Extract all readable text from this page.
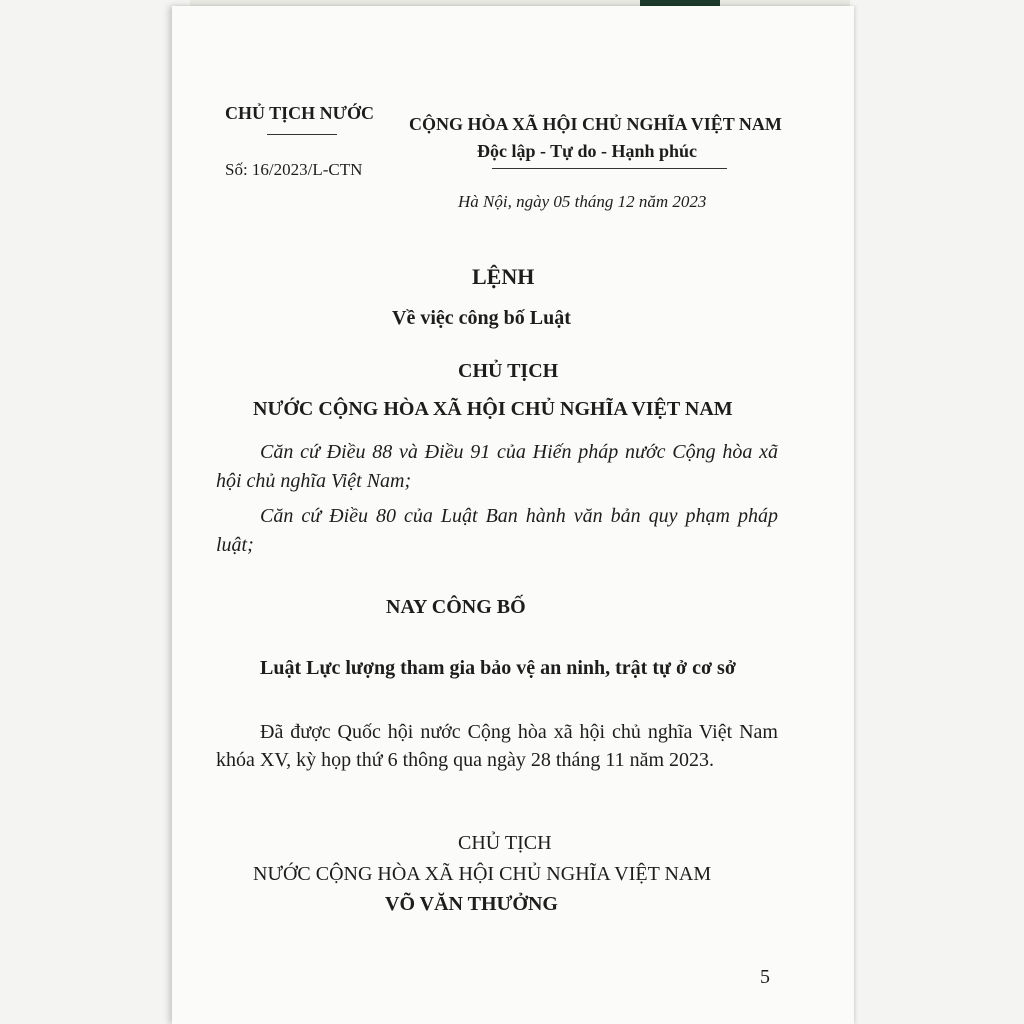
CHỦ TỊCH NƯỚC
Số: 16/2023/L-CTN
CỘNG HÒA XÃ HỘI CHỦ NGHĨA VIỆT NAM
Độc lập - Tự do - Hạnh phúc
Hà Nội, ngày 05 tháng 12 năm 2023
LỆNH
Về việc công bố Luật
CHỦ TỊCH
NƯỚC CỘNG HÒA XÃ HỘI CHỦ NGHĨA VIỆT NAM
Căn cứ Điều 88 và Điều 91 của Hiến pháp nước Cộng hòa xã hội chủ nghĩa Việt Nam;
Căn cứ Điều 80 của Luật Ban hành văn bản quy phạm pháp luật;
NAY CÔNG BỐ
Luật Lực lượng tham gia bảo vệ an ninh, trật tự ở cơ sở
Đã được Quốc hội nước Cộng hòa xã hội chủ nghĩa Việt Nam khóa XV, kỳ họp thứ 6 thông qua ngày 28 tháng 11 năm 2023.
CHỦ TỊCH
NƯỚC CỘNG HÒA XÃ HỘI CHỦ NGHĨA VIỆT NAM
VÕ VĂN THƯỞNG
5
